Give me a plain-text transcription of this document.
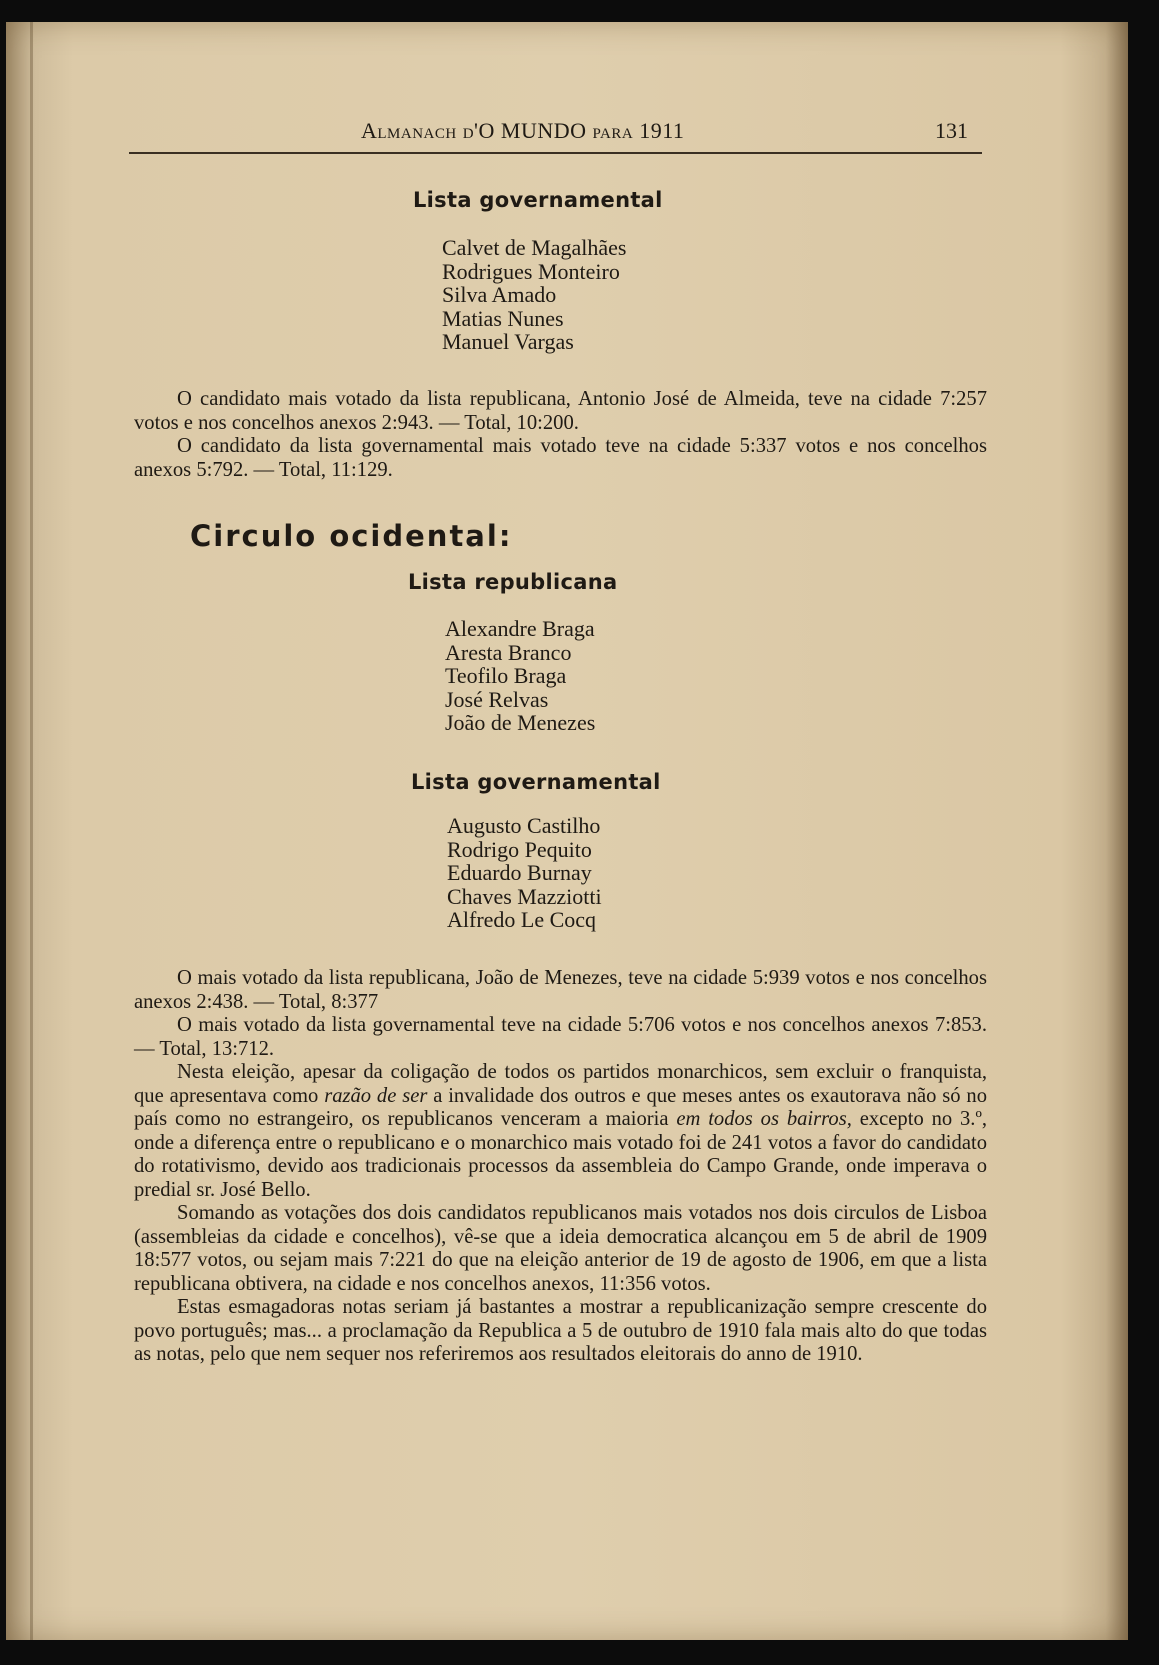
Almanach d'O MUNDO para 1911	131
Lista governamental
Calvet de Magalhães
Rodrigues Monteiro
Silva Amado
Matias Nunes
Manuel Vargas

O candidato mais votado da lista republicana, Antonio José de Almeida, teve na cidade 7:257 votos e nos concelhos anexos 2:943. — Total, 10:200.

O candidato da lista governamental mais votado teve na cidade 5:337 votos e nos concelhos anexos 5:792. — Total, 11:129.

Circulo ocidental:
Lista republicana
Alexandre Braga
Aresta Branco
Teofilo Braga
José Relvas
João de Menezes
Lista governamental
Augusto Castilho
Rodrigo Pequito
Eduardo Burnay
Chaves Mazziotti
Alfredo Le Cocq

O mais votado da lista republicana, João de Menezes, teve na cidade 5:939 votos e nos concelhos anexos 2:438. — Total, 8:377

O mais votado da lista governamental teve na cidade 5:706 votos e nos concelhos anexos 7:853. — Total, 13:712.

Nesta eleição, apesar da coligação de todos os partidos monarchicos, sem excluir o franquista, que apresentava como razão de ser a invalidade dos outros e que meses antes os exautorava não só no país como no estrangeiro, os republicanos venceram a maioria em todos os bairros, excepto no 3.º, onde a diferença entre o republicano e o monarchico mais votado foi de 241 votos a favor do candidato do rotativismo, devido aos tradicionais processos da assembleia do Campo Grande, onde imperava o predial sr. José Bello.

Somando as votações dos dois candidatos republicanos mais votados nos dois circulos de Lisboa (assembleias da cidade e concelhos), vê-se que a ideia democratica alcançou em 5 de abril de 1909 18:577 votos, ou sejam mais 7:221 do que na eleição anterior de 19 de agosto de 1906, em que a lista republicana obtivera, na cidade e nos concelhos anexos, 11:356 votos.

Estas esmagadoras notas seriam já bastantes a mostrar a republicanização sempre crescente do povo português; mas... a proclamação da Republica a 5 de outubro de 1910 fala mais alto do que todas as notas, pelo que nem sequer nos referiremos aos resultados eleitorais do anno de 1910.
